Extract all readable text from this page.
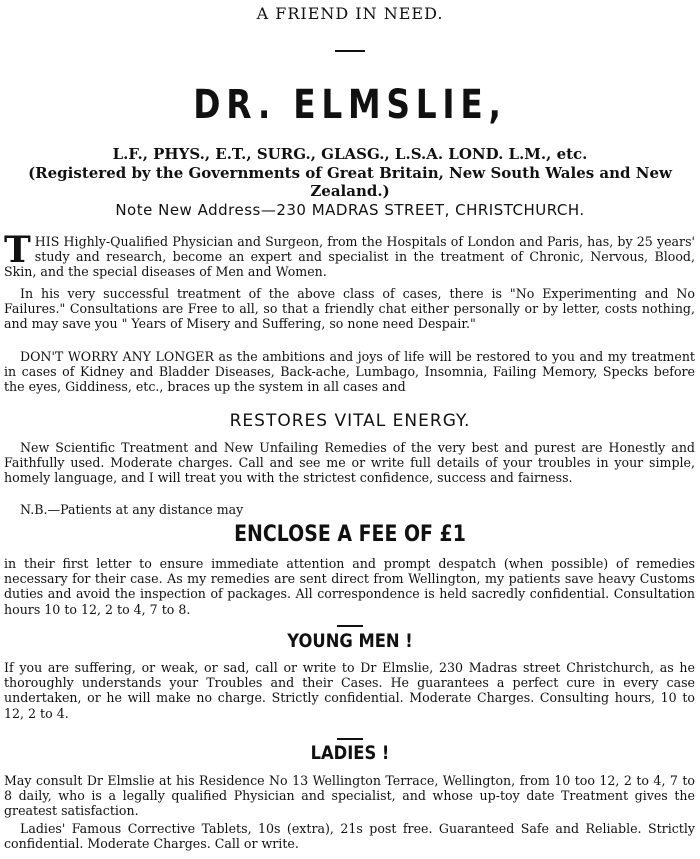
A FRIEND IN NEED.
DR. ELMSLIE,
L.F., PHYS., E.T., SURG., GLASG., L.S.A. LOND. L.M., etc.
(Registered by the Governments of Great Britain, New South Wales and New Zealand.)
Note New Address—230 MADRAS STREET, CHRISTCHURCH.
THIS Highly-Qualified Physician and Surgeon, from the Hospitals of London and Paris, has, by 25 years' study and research, become an expert and specialist in the treatment of Chronic, Nervous, Blood, Skin, and the special diseases of Men and Women.
In his very successful treatment of the above class of cases, there is "No Experimenting and No Failures." Consultations are Free to all, so that a friendly chat either personally or by letter, costs nothing, and may save you " Years of Misery and Suffering, so none need Despair."
DON'T WORRY ANY LONGER as the ambitions and joys of life will be restored to you and my treatment in cases of Kidney and Bladder Diseases, Back-ache, Lumbago, Insomnia, Failing Memory, Specks before the eyes, Giddiness, etc., braces up the system in all cases and
RESTORES VITAL ENERGY.
New Scientific Treatment and New Unfailing Remedies of the very best and purest are Honestly and Faithfully used. Moderate charges. Call and see me or write full details of your troubles in your simple, homely language, and I will treat you with the strictest confidence, success and fairness.
N.B.—Patients at any distance may
ENCLOSE A FEE OF £1
in their first letter to ensure immediate attention and prompt despatch (when possible) of remedies necessary for their case. As my remedies are sent direct from Wellington, my patients save heavy Customs duties and avoid the inspection of packages. All correspondence is held sacredly confidential. Consultation hours 10 to 12, 2 to 4, 7 to 8.
YOUNG MEN !
If you are suffering, or weak, or sad, call or write to Dr Elmslie, 230 Madras street Christchurch, as he thoroughly understands your Troubles and their Cases. He guarantees a perfect cure in every case undertaken, or he will make no charge. Strictly confidential. Moderate Charges. Consulting hours, 10 to 12, 2 to 4.
LADIES !
May consult Dr Elmslie at his Residence No 13 Wellington Terrace, Wellington, from 10 too 12, 2 to 4, 7 to 8 daily, who is a legally qualified Physician and specialist, and whose up-toy date Treatment gives the greatest satisfaction.
Ladies' Famous Corrective Tablets, 10s (extra), 21s post free. Guaranteed Safe and Reliable. Strictly confidential. Moderate Charges. Call or write.
